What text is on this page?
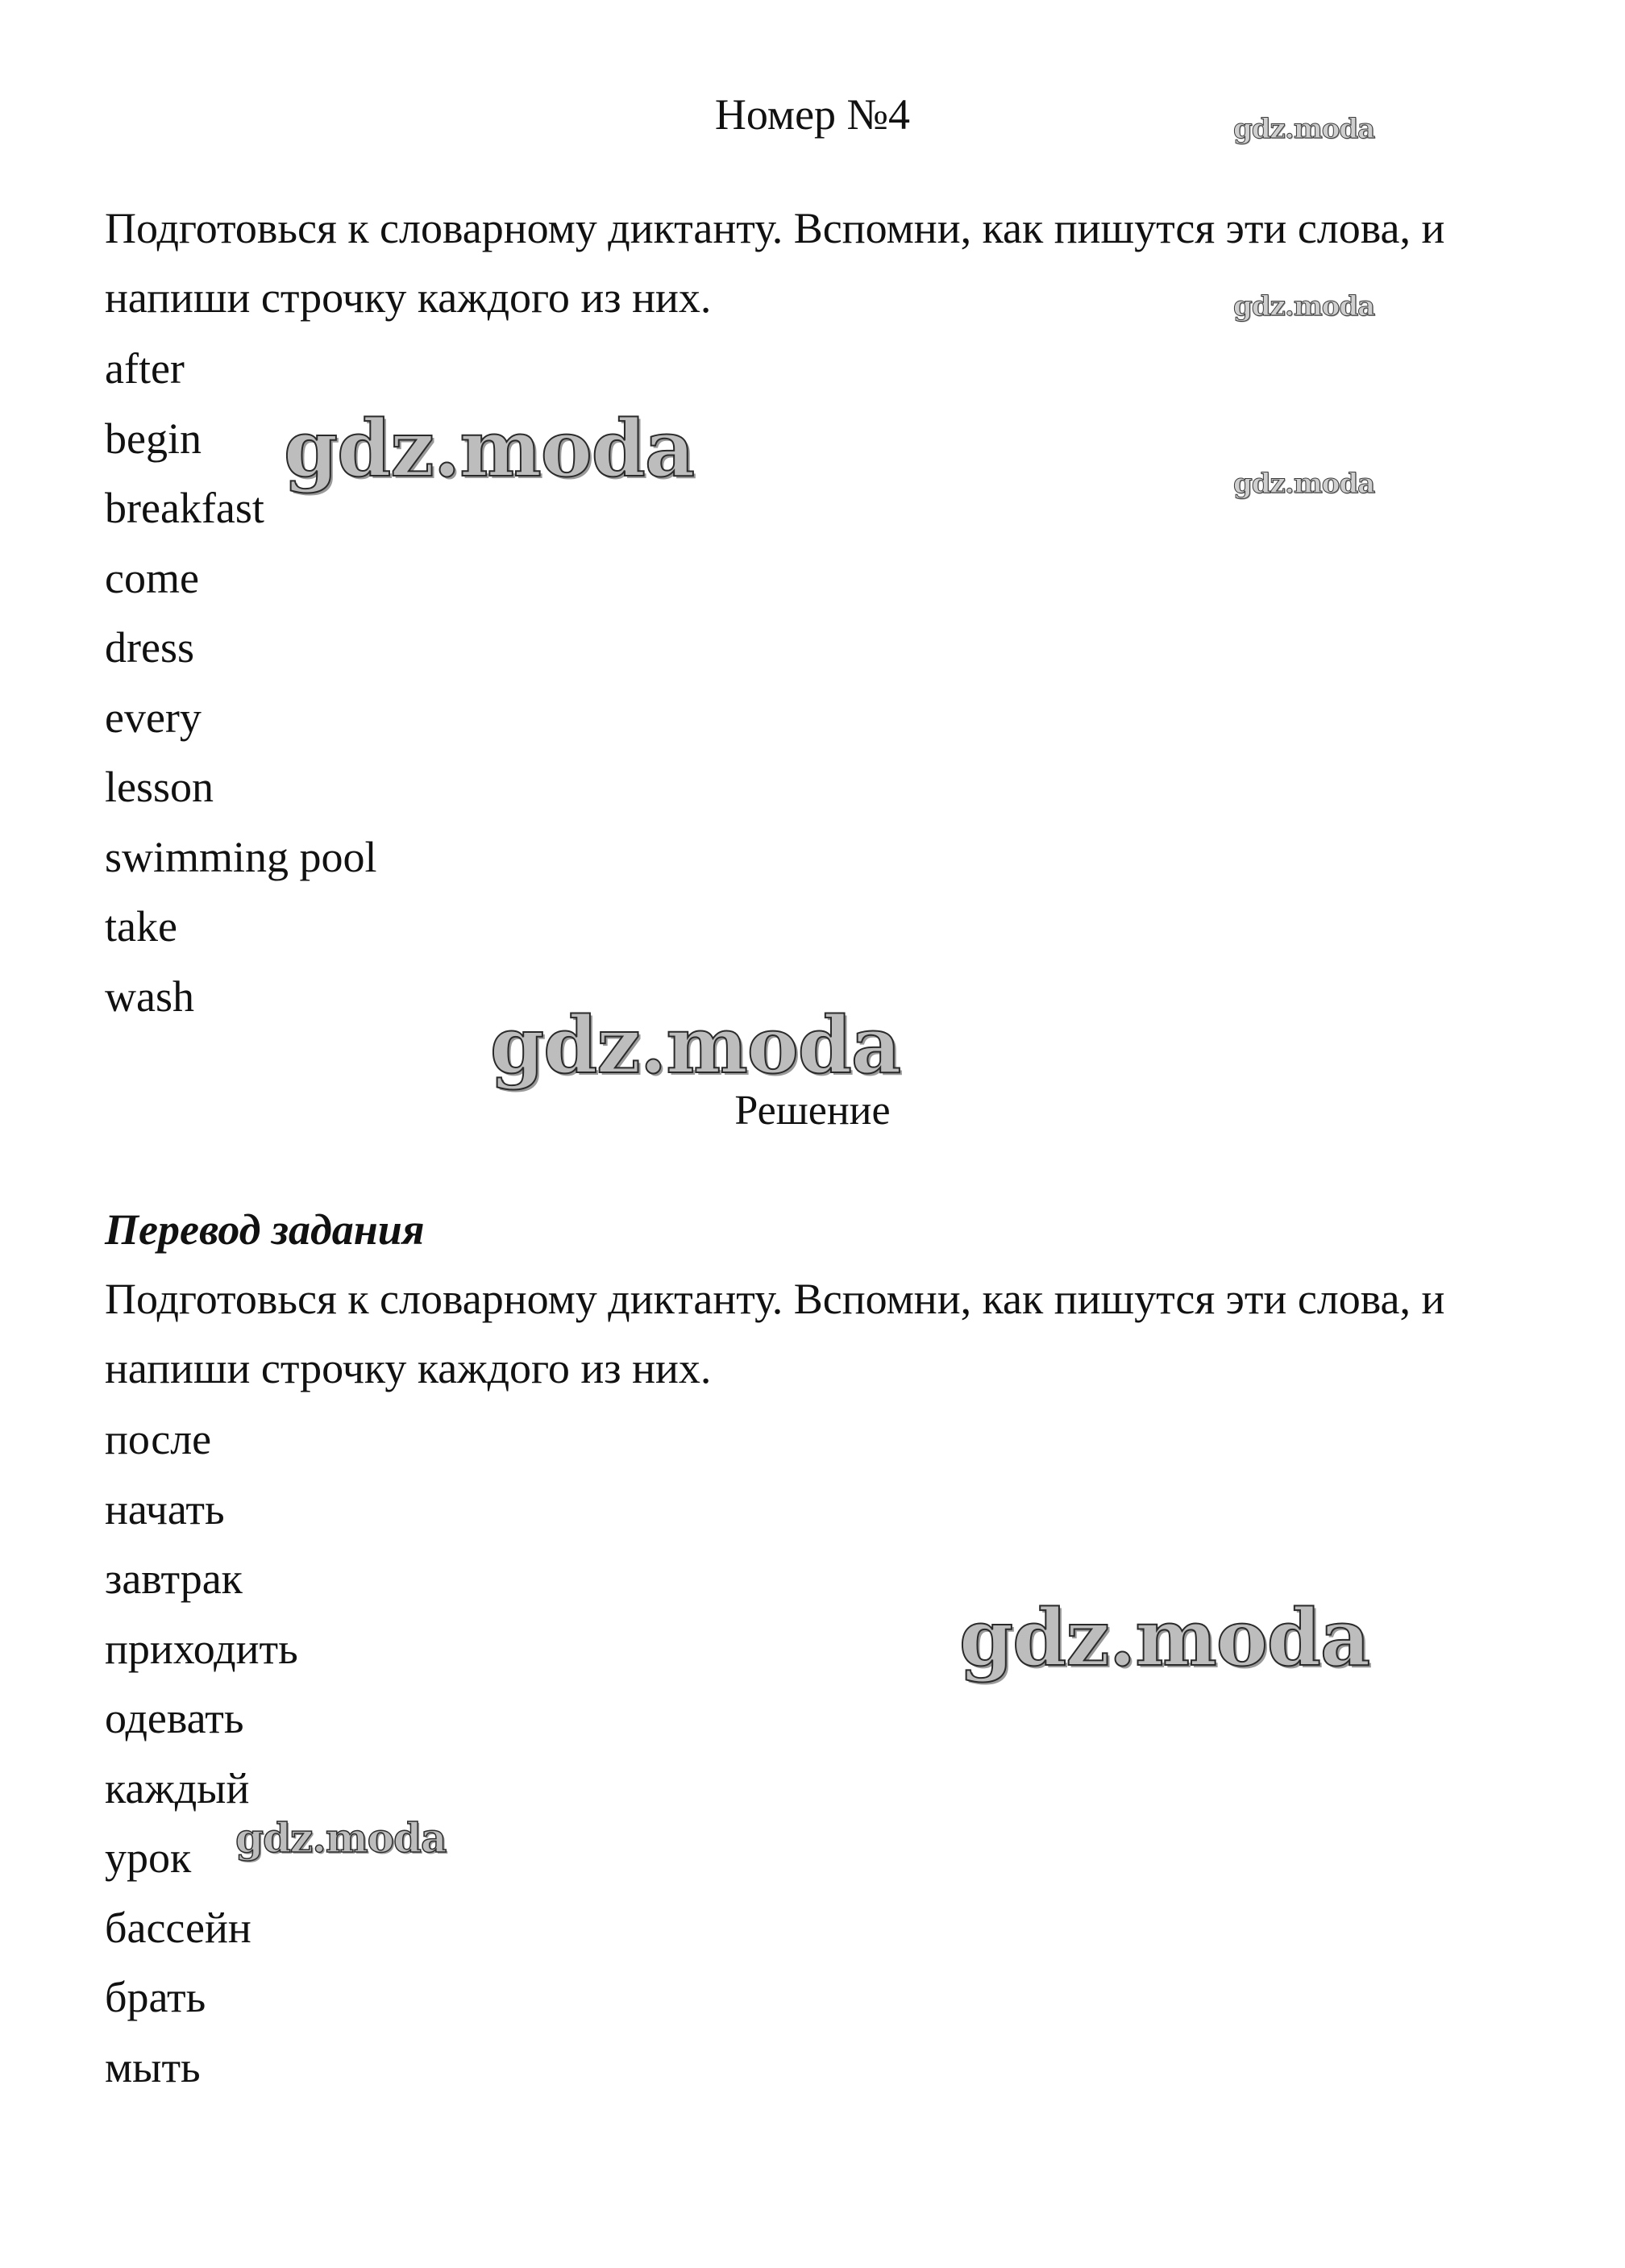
Номер №4

Подготовься к словарному диктанту. Вспомни, как пишутся эти слова, и напиши строчку каждого из них.

after
begin
breakfast
come
dress
every
lesson
swimming pool
take
wash
Решение
Перевод задания

Подготовься к словарному диктанту. Вспомни, как пишутся эти слова, и напиши строчку каждого из них.

после
начать
завтрак
приходить
одевать
каждый
урок
бассейн
брать
мыть
gdz.moda
gdz.moda
gdz.moda
gdz.moda
gdz.moda
gdz.moda
gdz.moda
